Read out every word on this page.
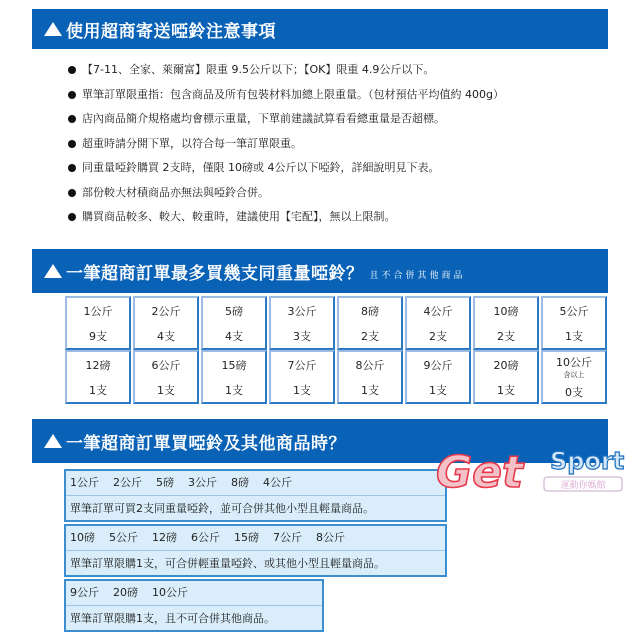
使用超商寄送啞鈴注意事項
【7-11、全家、萊爾富】限重 9.5公斤以下；【OK】限重 4.9公斤以下。
單筆訂單限重指：包含商品及所有包裝材料加總上限重量。（包材預估平均值約 400g）
店內商品簡介規格處均會標示重量，下單前建議試算看看總重量是否超標。
超重時請分開下單，以符合每一筆訂單限重。
同重量啞鈴購買 2支時，僅限 10磅或 4公斤以下啞鈴，詳細說明見下表。
部份較大材積商品亦無法與啞鈴合併。
購買商品較多、較大、較重時，建議使用【宅配】，無以上限制。
一筆超商訂單最多買幾支同重量啞鈴？ 且不合併其他商品
1公斤
9支
2公斤
4支
5磅
4支
3公斤
3支
8磅
2支
4公斤
2支
10磅
2支
5公斤
1支
12磅
1支
6公斤
1支
15磅
1支
7公斤
1支
8公斤
1支
9公斤
1支
20磅
1支
10公斤
含以上
0支
一筆超商訂單買啞鈴及其他商品時？
1公斤 2公斤 5磅 3公斤 8磅 4公斤
單筆訂單可買2支同重量啞鈴，並可合併其他小型且輕量商品。
10磅 5公斤 12磅 6公斤 15磅 7公斤 8公斤
單筆訂單限購1支，可合併輕重量啞鈴、或其他小型且輕量商品。
9公斤 20磅 10公斤
單筆訂單限購1支，且不可合併其他商品。
Get Sport
運動你媽館
